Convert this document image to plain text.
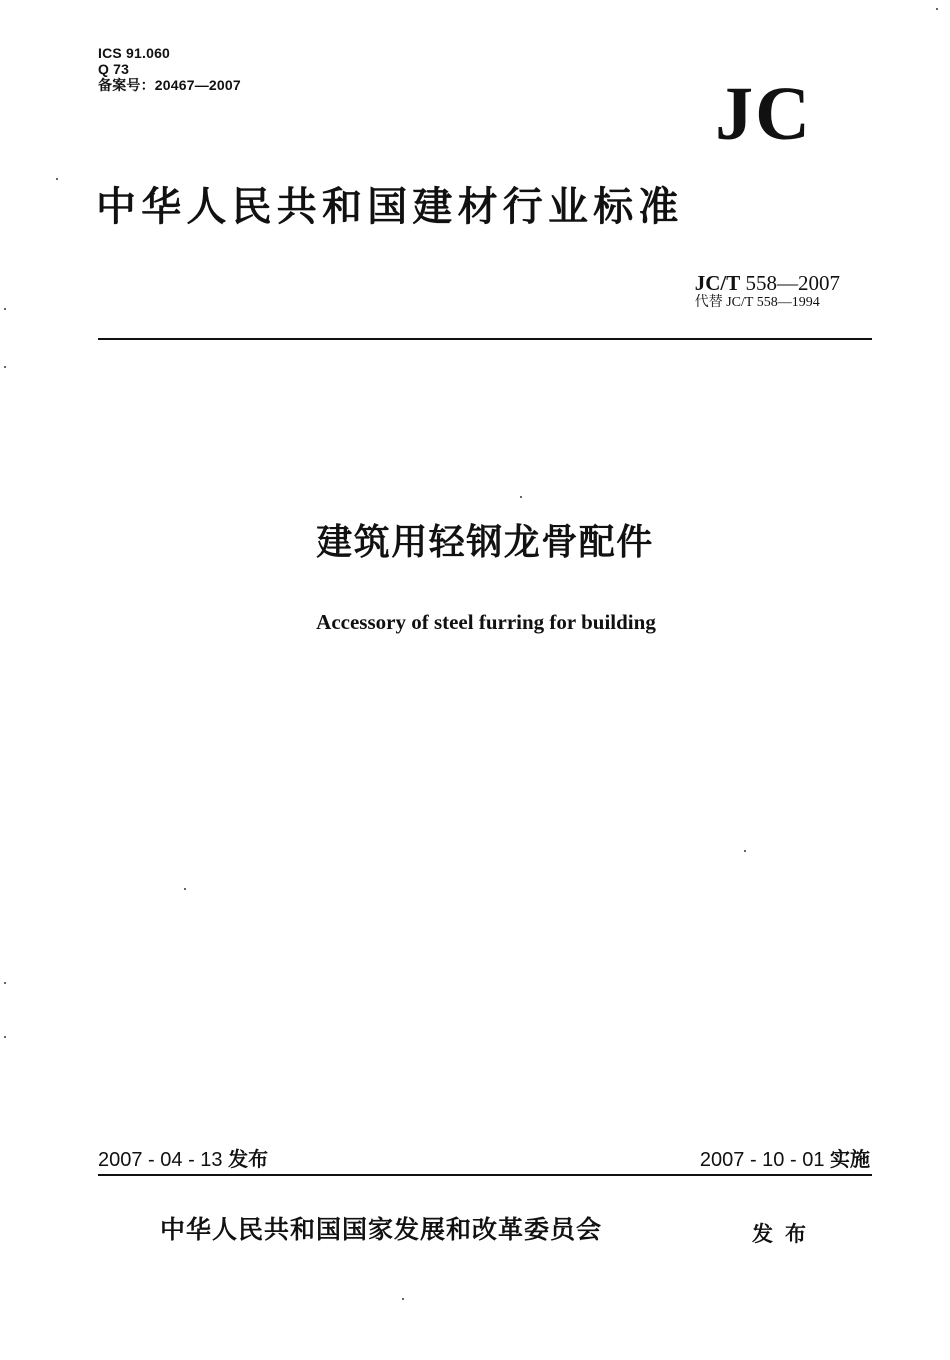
ICS 91.060
Q 73
备案号：20467—2007	JC
中华人民共和国建材行业标准
JC/T 558—2007
代替 JC/T 558—1994
建筑用轻钢龙骨配件
Accessory of steel furring for building
2007 - 04 - 13 发布	2007 - 10 - 01 实施
中华人民共和国国家发展和改革委员会	发布
